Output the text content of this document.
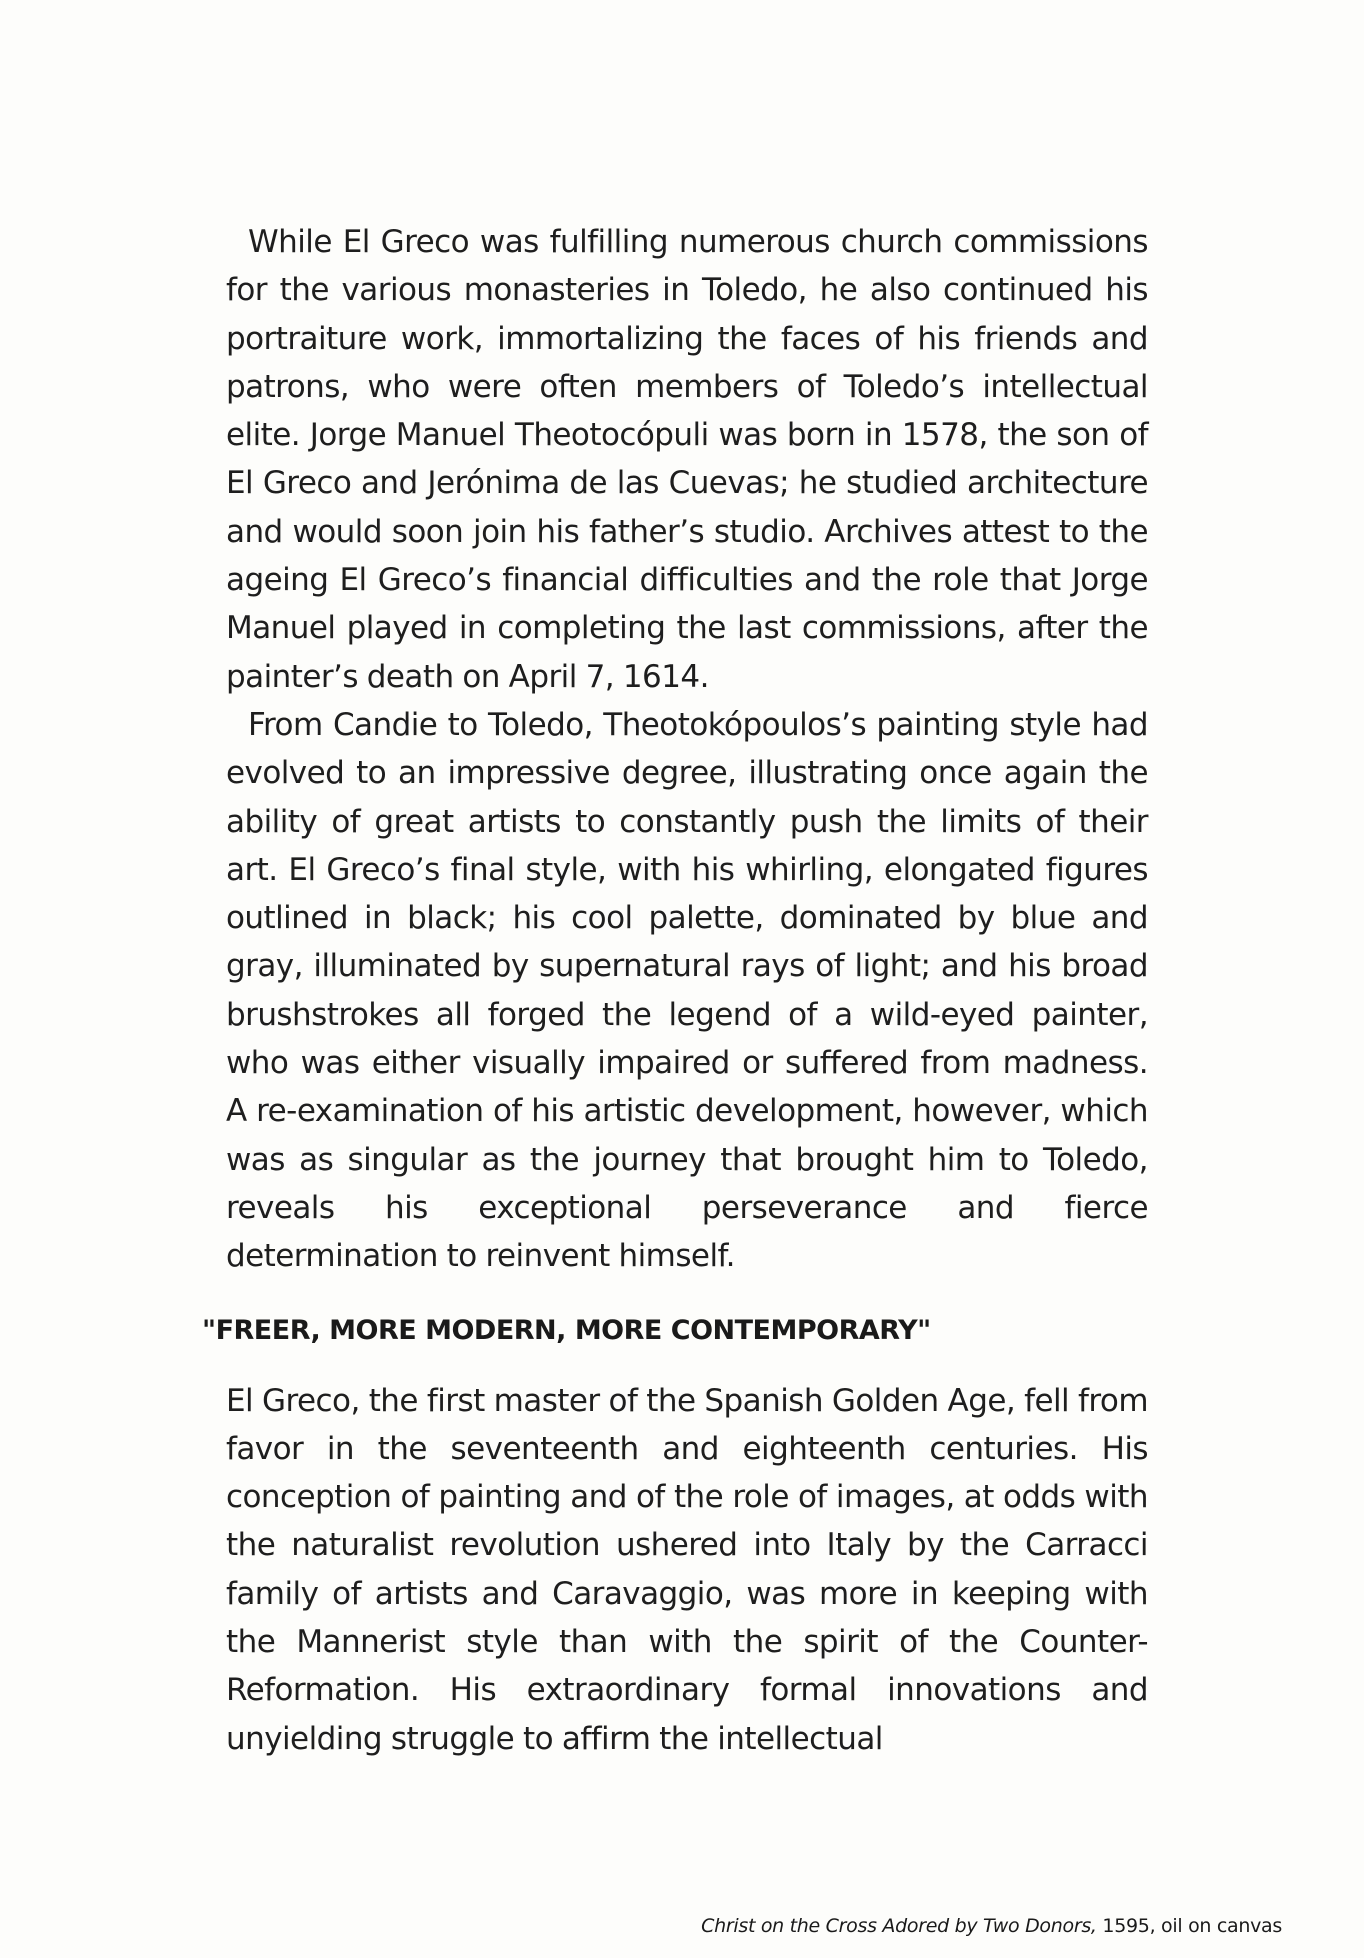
While El Greco was fulfilling numerous church commissions for the various monasteries in Toledo, he also continued his portraiture work, immortalizing the faces of his friends and patrons, who were often members of Toledo’s intellectual elite. Jorge Manuel Theotocópuli was born in 1578, the son of El Greco and Jerónima de las Cuevas; he studied architecture and would soon join his father’s studio. Archives attest to the ageing El Greco’s financial difficulties and the role that Jorge Manuel played in completing the last commissions, after the painter’s death on April 7, 1614.

From Candie to Toledo, Theotokópoulos’s painting style had evolved to an impressive degree, illustrating once again the ability of great artists to constantly push the limits of their art. El Greco’s final style, with his whirling, elongated figures outlined in black; his cool palette, dominated by blue and gray, illuminated by supernatural rays of light; and his broad brushstrokes all forged the legend of a wild-eyed painter, who was either visually impaired or suffered from madness. A re-examination of his artistic development, however, which was as singular as the journey that brought him to Toledo, reveals his exceptional perseverance and fierce determination to reinvent himself.

"FREER, MORE MODERN, MORE CONTEMPORARY"

El Greco, the first master of the Spanish Golden Age, fell from favor in the seventeenth and eighteenth centuries. His conception of painting and of the role of images, at odds with the naturalist revolution ushered into Italy by the Carracci family of artists and Caravaggio, was more in keeping with the Mannerist style than with the spirit of the Counter-Reformation. His extraordinary formal innovations and unyielding struggle to affirm the intellectual

Christ on the Cross Adored by Two Donors, 1595, oil on canvas
